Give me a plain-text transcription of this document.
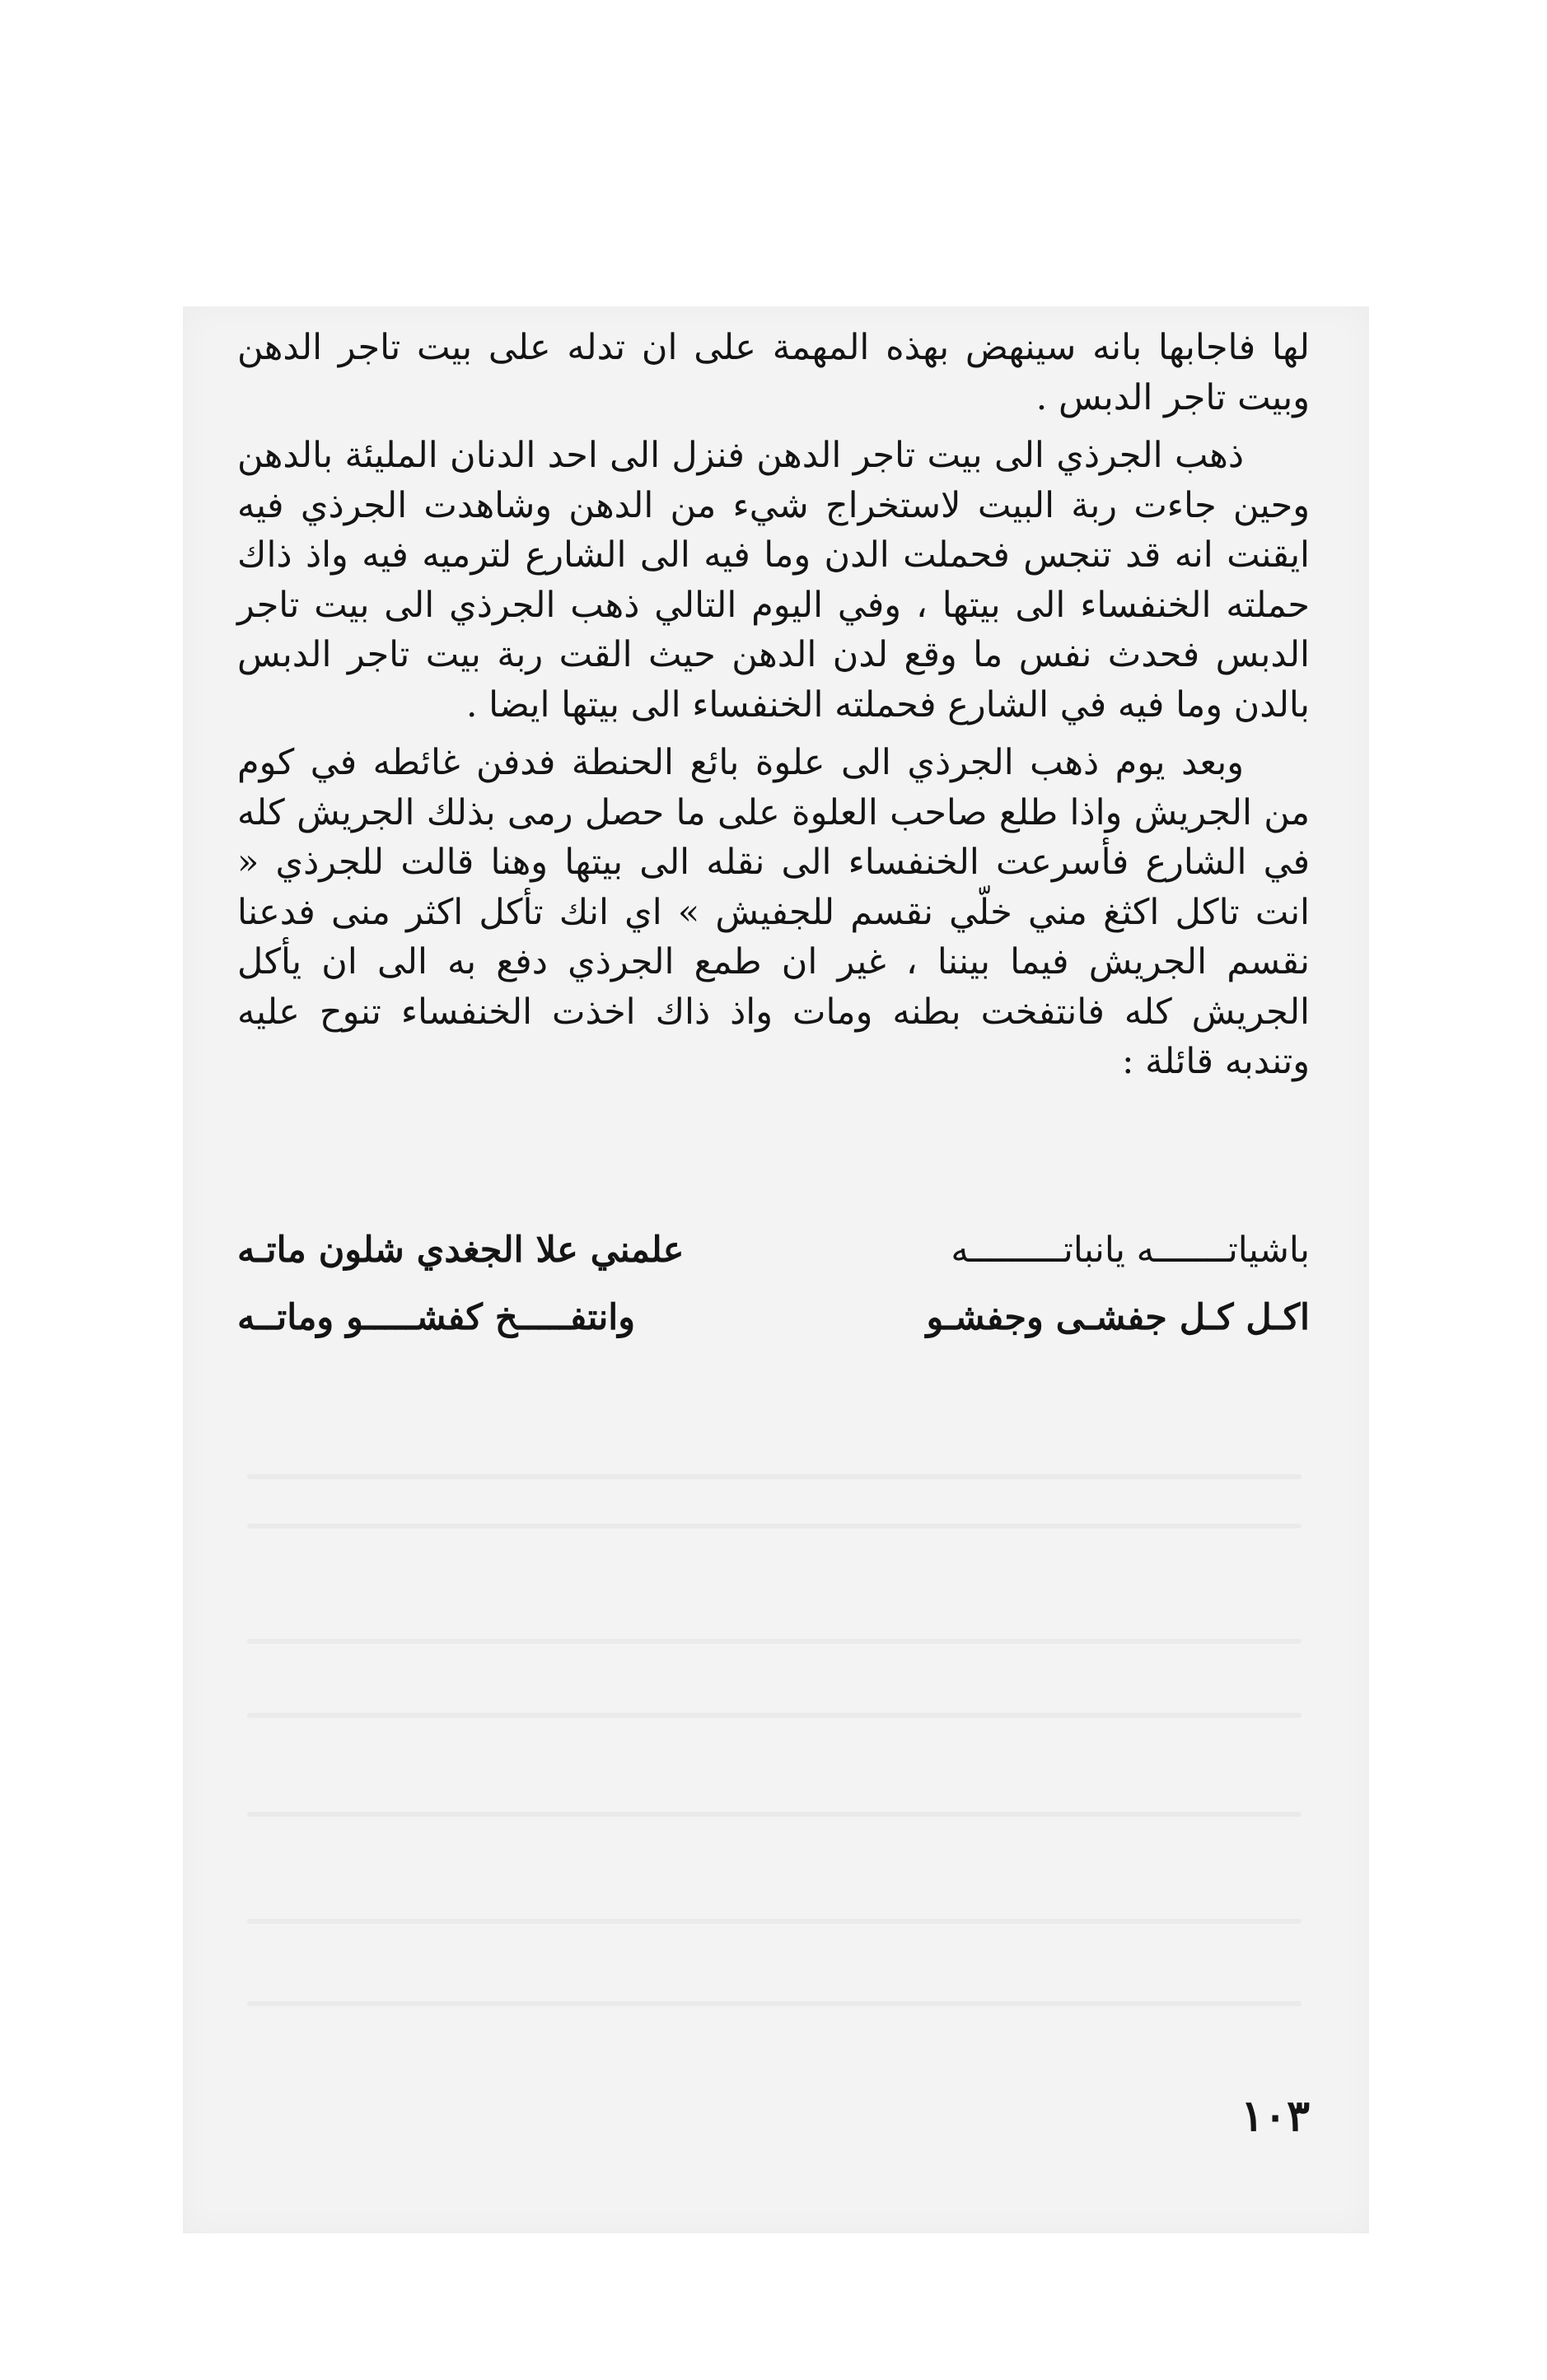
لها فاجابها بانه سينهض بهذه المهمة على ان تدله على بيت تاجر الدهن وبيت تاجر الدبس .

ذهب الجرذي الى بيت تاجر الدهن فنزل الى احد الدنان المليئة بالدهن وحين جاءت ربة البيت لاستخراج شيء من الدهن وشاهدت الجرذي فيه ايقنت انه قد تنجس فحملت الدن وما فيه الى الشارع لترميه فيه واذ ذاك حملته الخنفساء الى بيتها ، وفي اليوم التالي ذهب الجرذي الى بيت تاجر الدبس فحدث نفس ما وقع لدن الدهن حيث القت ربة بيت تاجر الدبس بالدن وما فيه في الشارع فحملته الخنفساء الى بيتها ايضا .

وبعد يوم ذهب الجرذي الى علوة بائع الحنطة فدفن غائطه في كوم من الجريش واذا طلع صاحب العلوة على ما حصل رمى بذلك الجريش كله في الشارع فأسرعت الخنفساء الى نقله الى بيتها وهنا قالت للجرذي « انت تاكل اكثغ مني خلّي نقسم للجفيش » اي انك تأكل اكثر منى فدعنا نقسم الجريش فيما بيننا ، غير ان طمع الجرذي دفع به الى ان يأكل الجريش كله فانتفخت بطنه ومات واذ ذاك اخذت الخنفساء تنوح عليه وتندبه قائلة :

باشياتـــــــه يانباتـــــــــه
علمني علا الجغدي شلون ماتـه
اكـل كـل جفشـى وجفشـو
وانتفـــــخ كفشـــــو وماتــه
١٠٣
